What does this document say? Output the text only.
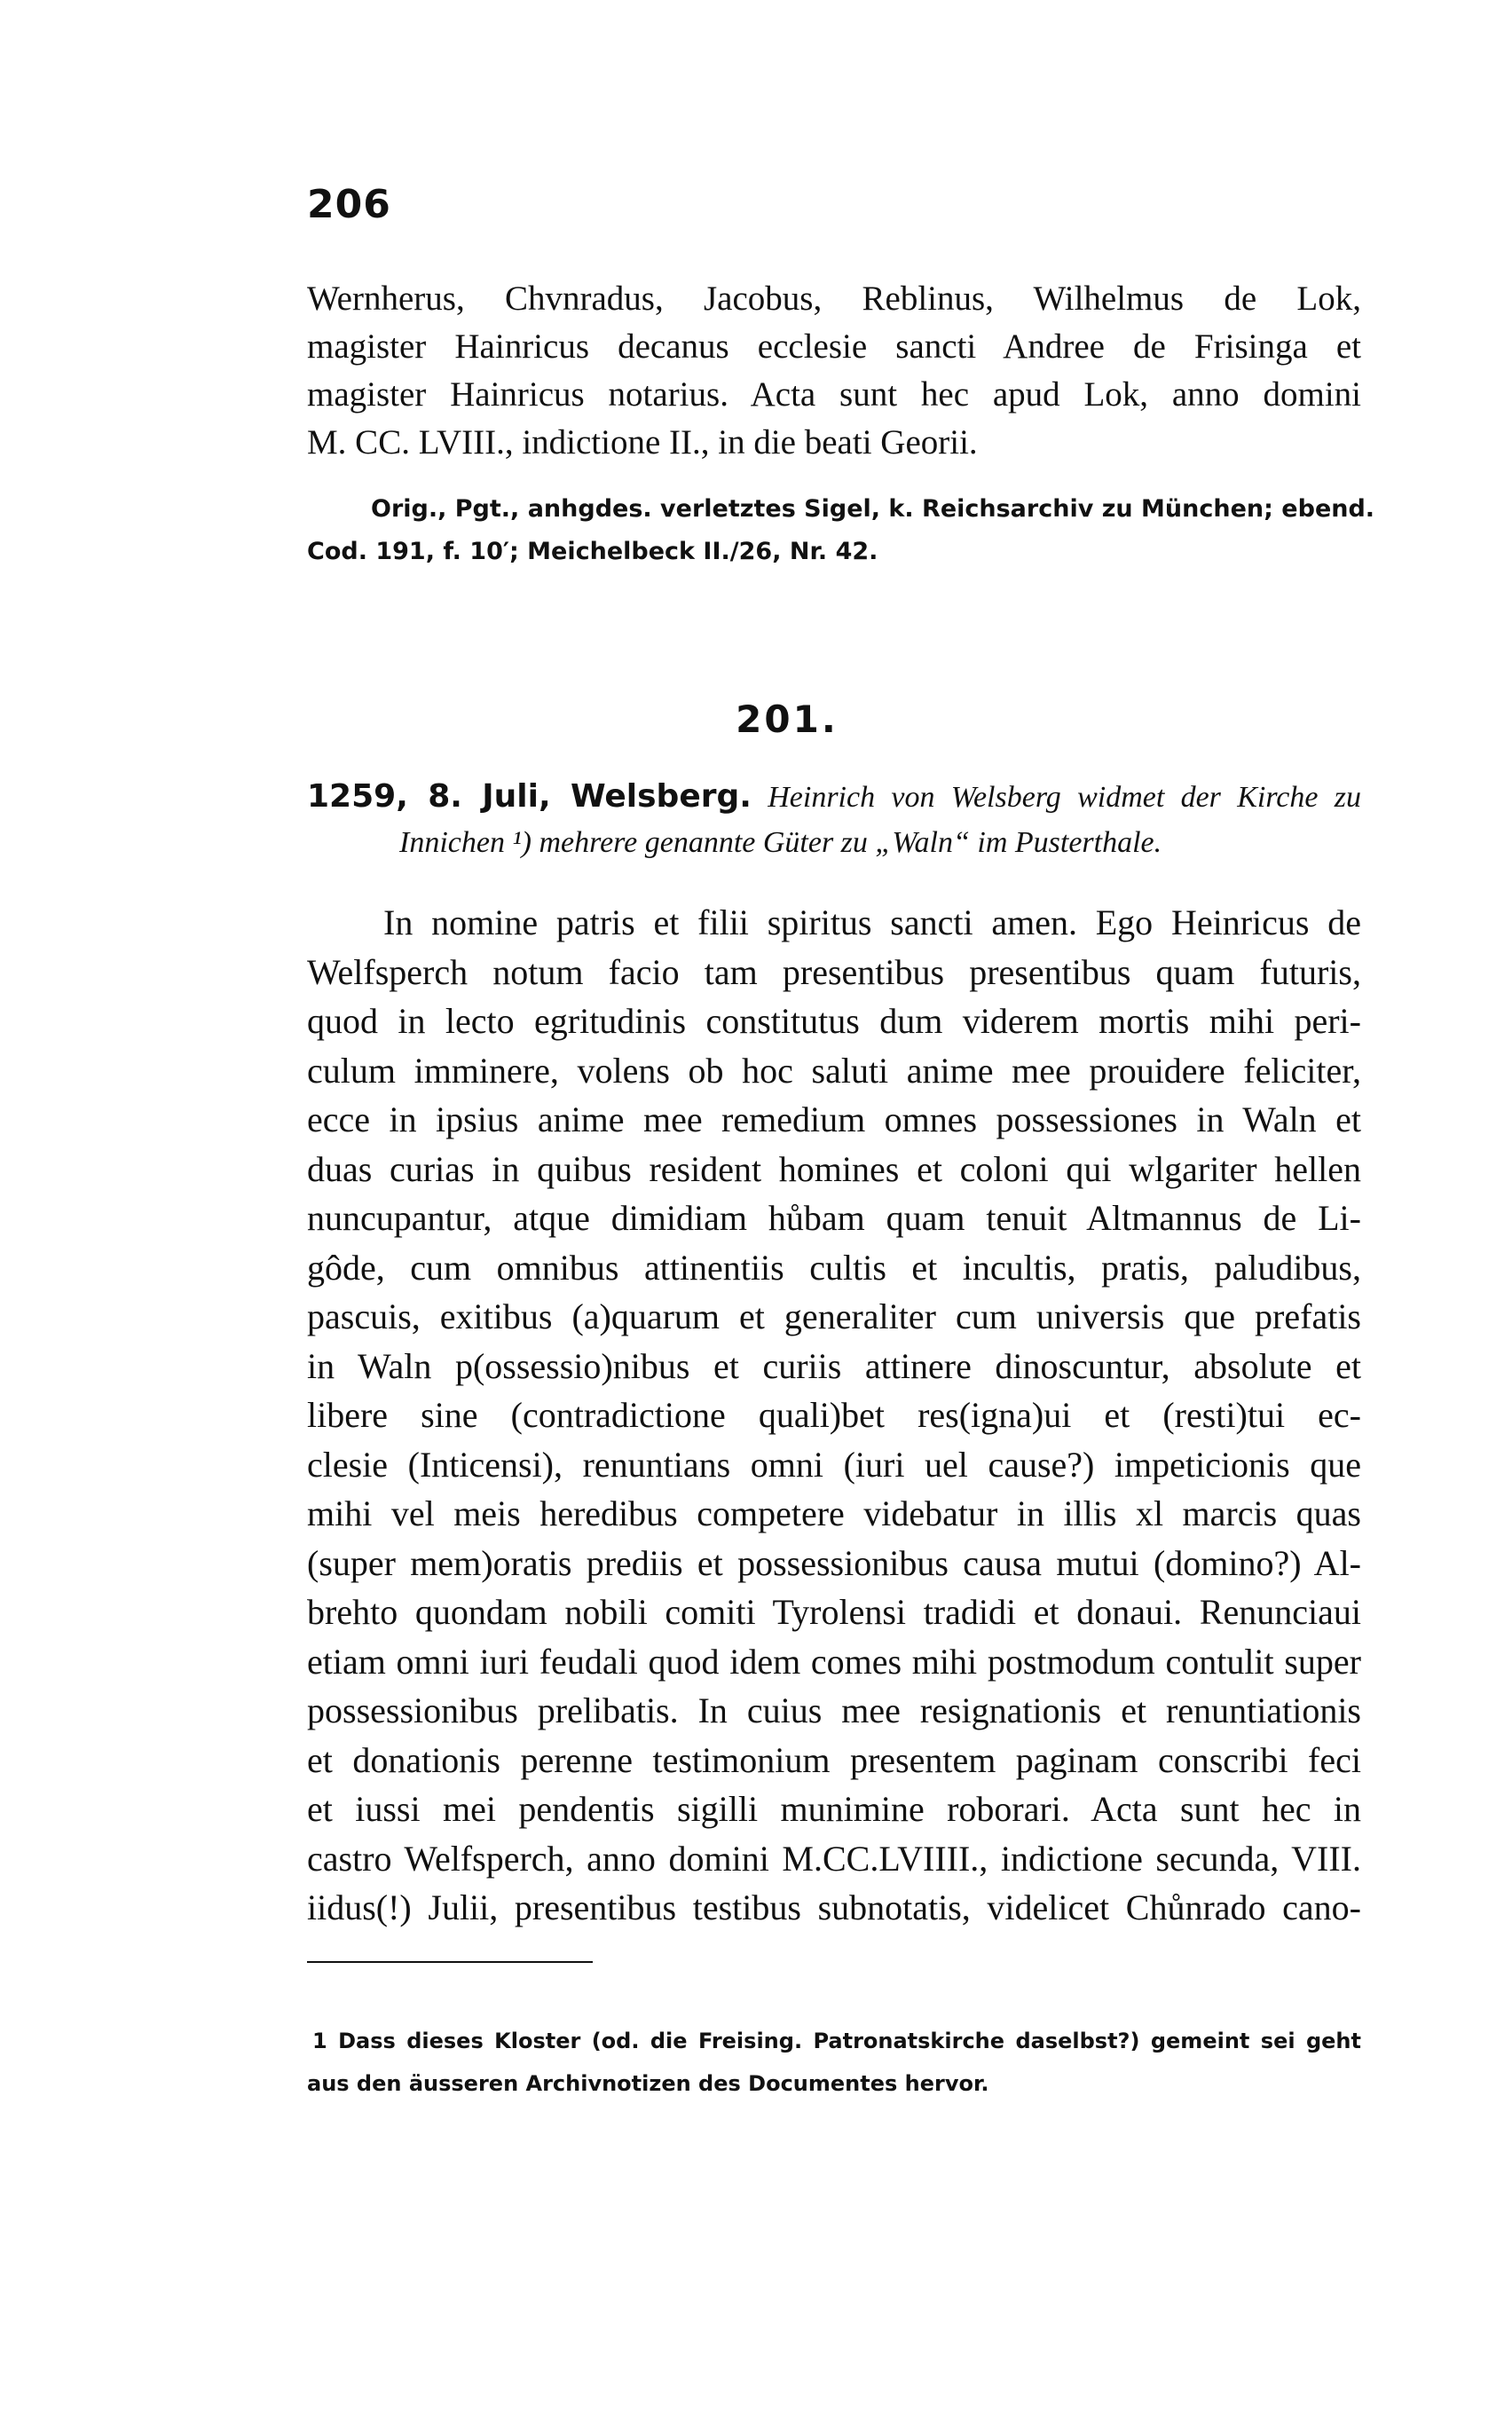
206
Wernherus, Chvnradus, Jacobus, Reblinus, Wilhelmus de Lok,
magister Hainricus decanus ecclesie sancti Andree de Frisinga et
magister Hainricus notarius. Acta sunt hec apud Lok, anno domini
M. CC. LVIII., indictione II., in die beati Georii.
Orig., Pgt., anhgdes. verletztes Sigel, k. Reichsarchiv zu München; ebend.
Cod. 191, f. 10′; Meichelbeck II./26, Nr. 42.
201.
1259, 8. Juli, Welsberg. Heinrich von Welsberg widmet der Kirche zu
Innichen ¹) mehrere genannte Güter zu „Waln“ im Pusterthale.
In nomine patris et filii spiritus sancti amen. Ego Heinricus de
Welfsperch notum facio tam presentibus presentibus quam futuris,
quod in lecto egritudinis constitutus dum viderem mortis mihi peri-
culum imminere, volens ob hoc saluti anime mee prouidere feliciter,
ecce in ipsius anime mee remedium omnes possessiones in Waln et
duas curias in quibus resident homines et coloni qui wlgariter hellen
nuncupantur, atque dimidiam hůbam quam tenuit Altmannus de Li-
gôde, cum omnibus attinentiis cultis et incultis, pratis, paludibus,
pascuis, exitibus (a)quarum et generaliter cum universis que prefatis
in Waln p(ossessio)nibus et curiis attinere dinoscuntur, absolute et
libere sine (contradictione quali)bet res(igna)ui et (resti)tui ec-
clesie (Inticensi), renuntians omni (iuri uel cause?) impeticionis que
mihi vel meis heredibus competere videbatur in illis xl marcis quas
(super mem)oratis prediis et possessionibus causa mutui (domino?) Al-
brehto quondam nobili comiti Tyrolensi tradidi et donaui. Renunciaui
etiam omni iuri feudali quod idem comes mihi postmodum contulit super
possessionibus prelibatis. In cuius mee resignationis et renuntiationis
et donationis perenne testimonium presentem paginam conscribi feci
et iussi mei pendentis sigilli munimine roborari. Acta sunt hec in
castro Welfsperch, anno domini M.CC.LVIIII., indictione secunda, VIII.
iidus(!) Julii, presentibus testibus subnotatis, videlicet Chůnrado cano-
1 Dass dieses Kloster (od. die Freising. Patronatskirche daselbst?) gemeint sei geht
aus den äusseren Archivnotizen des Documentes hervor.
